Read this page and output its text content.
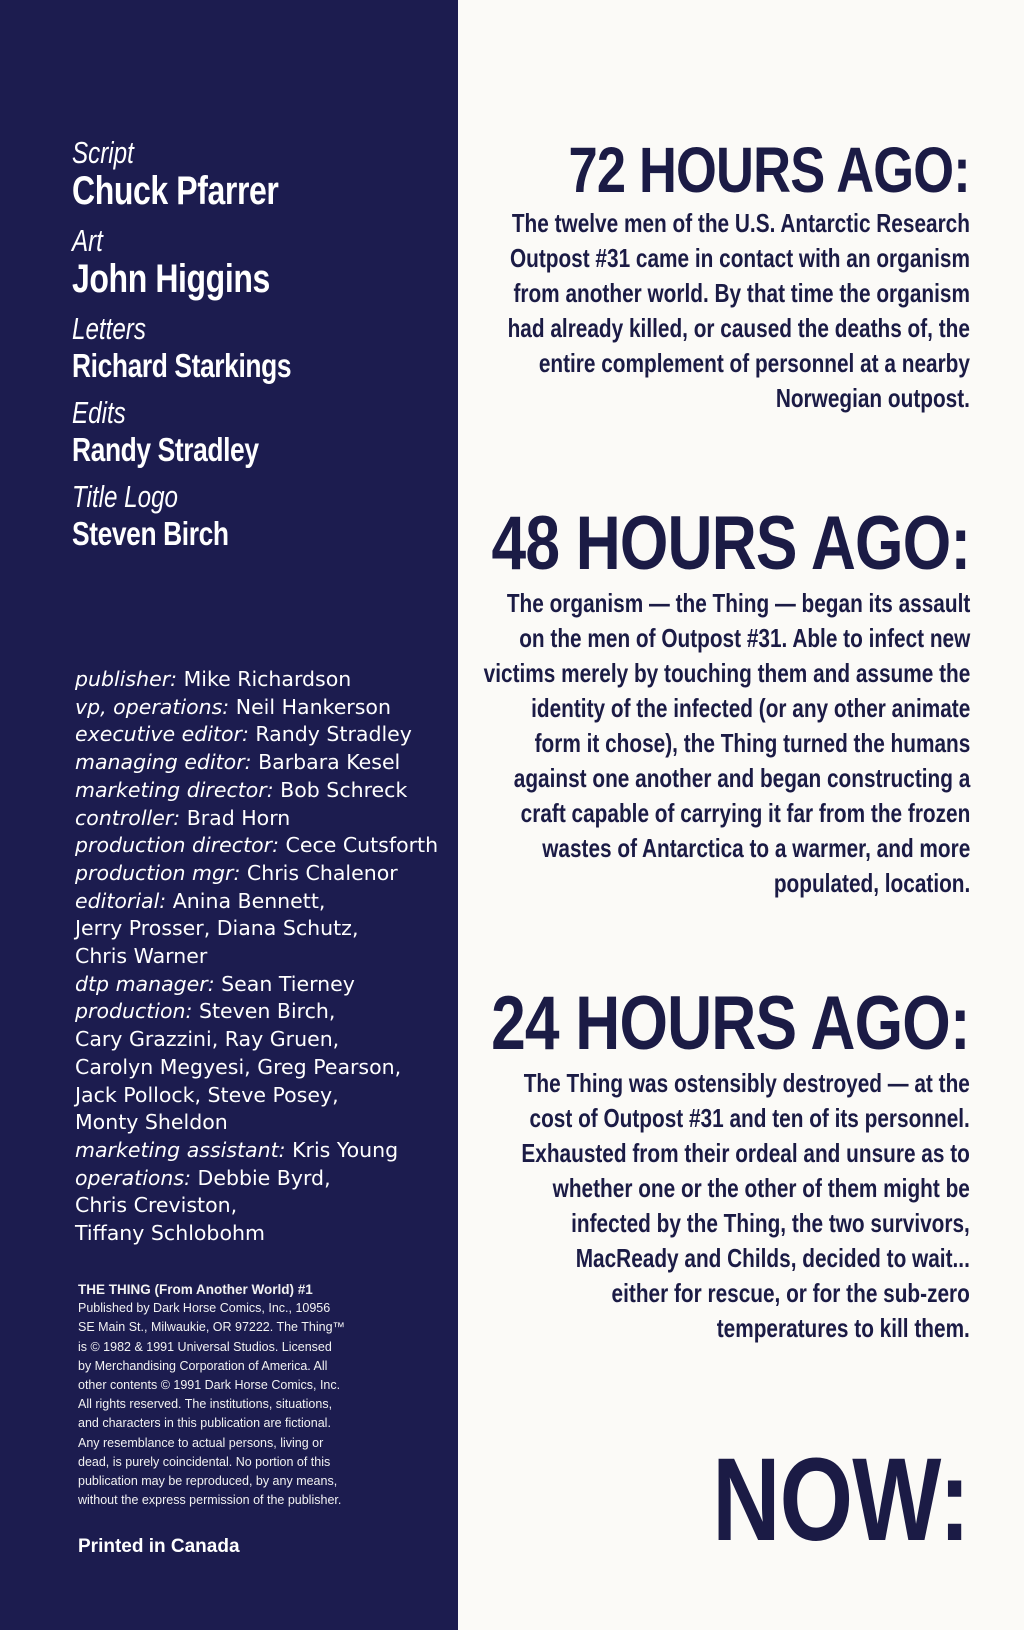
Script
Chuck Pfarrer
Art
John Higgins
Letters
Richard Starkings
Edits
Randy Stradley
Title Logo
Steven Birch
publisher: Mike Richardson
vp, operations: Neil Hankerson
executive editor: Randy Stradley
managing editor: Barbara Kesel
marketing director: Bob Schreck
controller: Brad Horn
production director: Cece Cutsforth
production mgr: Chris Chalenor
editorial: Anina Bennett,
Jerry Prosser, Diana Schutz,
Chris Warner
dtp manager: Sean Tierney
production: Steven Birch,
Cary Grazzini, Ray Gruen,
Carolyn Megyesi, Greg Pearson,
Jack Pollock, Steve Posey,
Monty Sheldon
marketing assistant: Kris Young
operations: Debbie Byrd,
Chris Creviston,
Tiffany Schlobohm
THE THING (From Another World) #1
Published by Dark Horse Comics, Inc., 10956
SE Main St., Milwaukie, OR 97222. The Thing™
is © 1982 & 1991 Universal Studios. Licensed
by Merchandising Corporation of America. All
other contents © 1991 Dark Horse Comics, Inc.
All rights reserved. The institutions, situations,
and characters in this publication are fictional.
Any resemblance to actual persons, living or
dead, is purely coincidental. No portion of this
publication may be reproduced, by any means,
without the express permission of the publisher.
Printed in Canada
72 HOURS AGO:
The twelve men of the U.S. Antarctic Research
Outpost #31 came in contact with an organism
from another world. By that time the organism
had already killed, or caused the deaths of, the
entire complement of personnel at a nearby
Norwegian outpost.
48 HOURS AGO:
The organism — the Thing — began its assault
on the men of Outpost #31. Able to infect new
victims merely by touching them and assume the
identity of the infected (or any other animate
form it chose), the Thing turned the humans
against one another and began constructing a
craft capable of carrying it far from the frozen
wastes of Antarctica to a warmer, and more
populated, location.
24 HOURS AGO:
The Thing was ostensibly destroyed — at the
cost of Outpost #31 and ten of its personnel.
Exhausted from their ordeal and unsure as to
whether one or the other of them might be
infected by the Thing, the two survivors,
MacReady and Childs, decided to wait...
either for rescue, or for the sub-zero
temperatures to kill them.
NOW:
